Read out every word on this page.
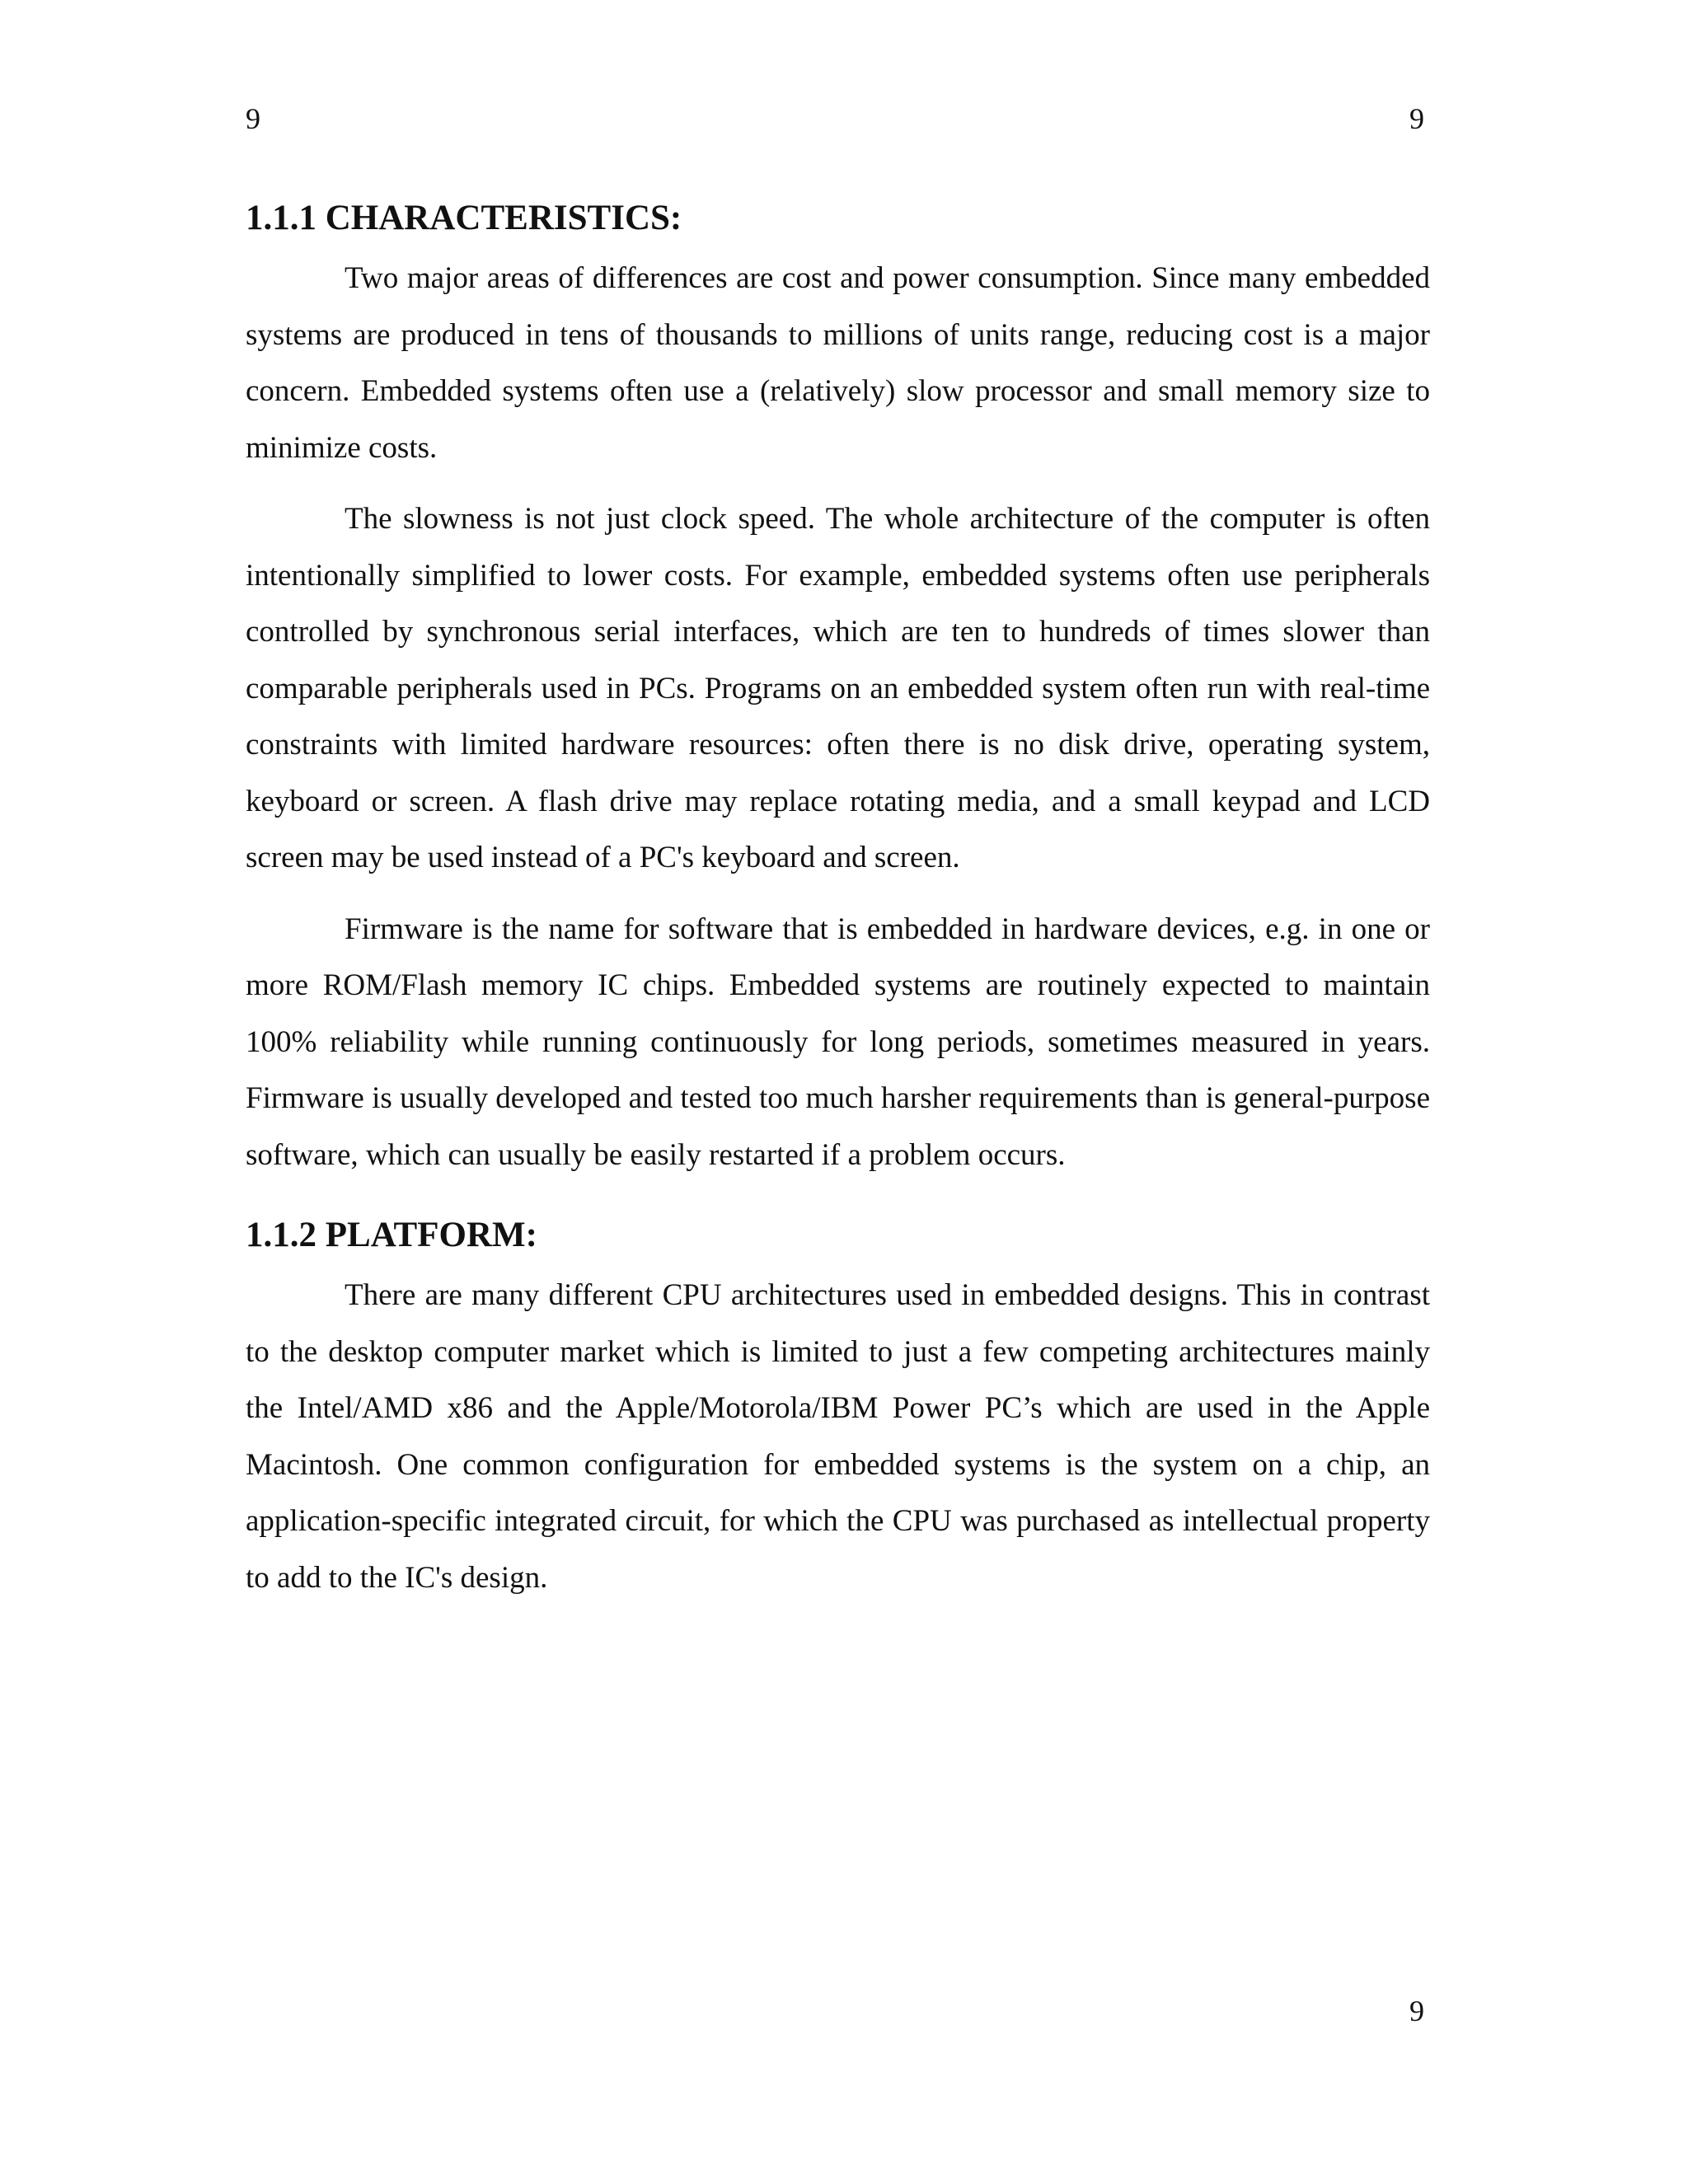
9	9

1.1.1 CHARACTERISTICS:

Two major areas of differences are cost and power consumption. Since many embedded systems are produced in tens of thousands to millions of units range, reducing cost is a major concern. Embedded systems often use a (relatively) slow processor and small memory size to minimize costs.

The slowness is not just clock speed. The whole architecture of the computer is often intentionally simplified to lower costs. For example, embedded systems often use peripherals controlled by synchronous serial interfaces, which are ten to hundreds of times slower than comparable peripherals used in PCs. Programs on an embedded system often run with real-time constraints with limited hardware resources: often there is no disk drive, operating system, keyboard or screen. A flash drive may replace rotating media, and a small keypad and LCD screen may be used instead of a PC's keyboard and screen.

Firmware is the name for software that is embedded in hardware devices, e.g. in one or more ROM/Flash memory IC chips. Embedded systems are routinely expected to maintain 100% reliability while running continuously for long periods, sometimes measured in years. Firmware is usually developed and tested too much harsher requirements than is general-purpose software, which can usually be easily restarted if a problem occurs.

1.1.2 PLATFORM:

There are many different CPU architectures used in embedded designs. This in contrast to the desktop computer market which is limited to just a few competing architectures mainly the Intel/AMD x86 and the Apple/Motorola/IBM Power PC’s which are used in the Apple Macintosh. One common configuration for embedded systems is the system on a chip, an application-specific integrated circuit, for which the CPU was purchased as intellectual property to add to the IC's design.

9
